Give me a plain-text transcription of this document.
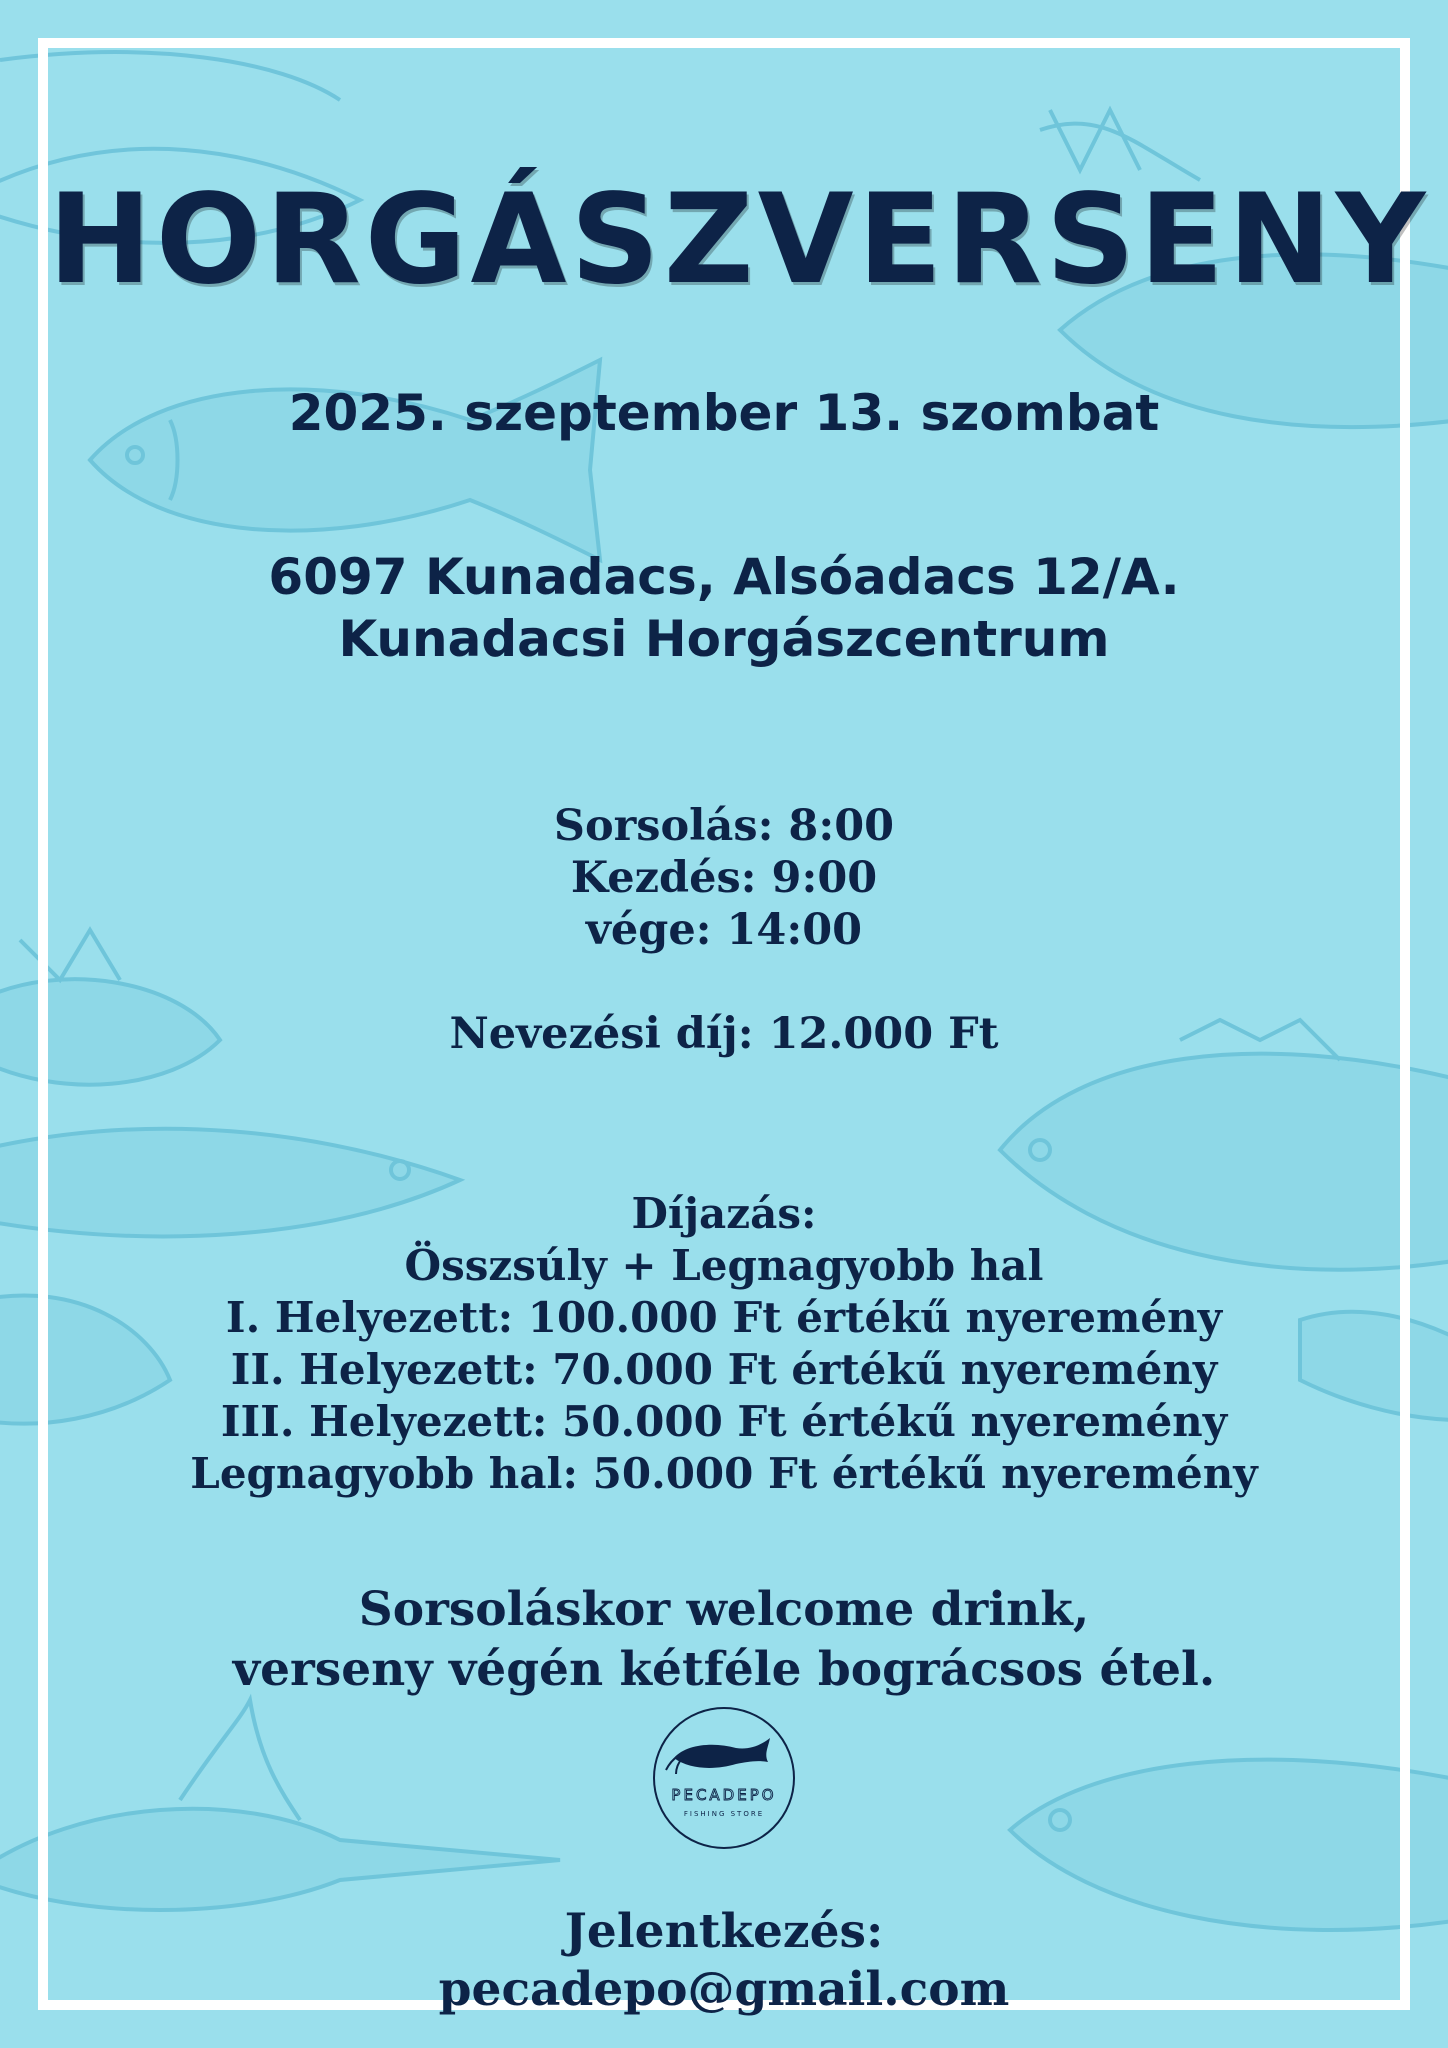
HORGÁSZVERSENY
2025. szeptember 13. szombat
6097 Kunadacs, Alsóadacs 12/A.
Kunadacsi Horgászcentrum
Sorsolás: 8:00
Kezdés: 9:00
vége: 14:00
Nevezési díj: 12.000 Ft
Díjazás:
Összsúly + Legnagyobb hal
I. Helyezett: 100.000 Ft értékű nyeremény
II. Helyezett: 70.000 Ft értékű nyeremény
III. Helyezett: 50.000 Ft értékű nyeremény
Legnagyobb hal: 50.000 Ft értékű nyeremény
Sorsoláskor welcome drink,
verseny végén kétféle bográcsos étel.
PECADEPO
FISHING STORE
Jelentkezés:
pecadepo@gmail.com
